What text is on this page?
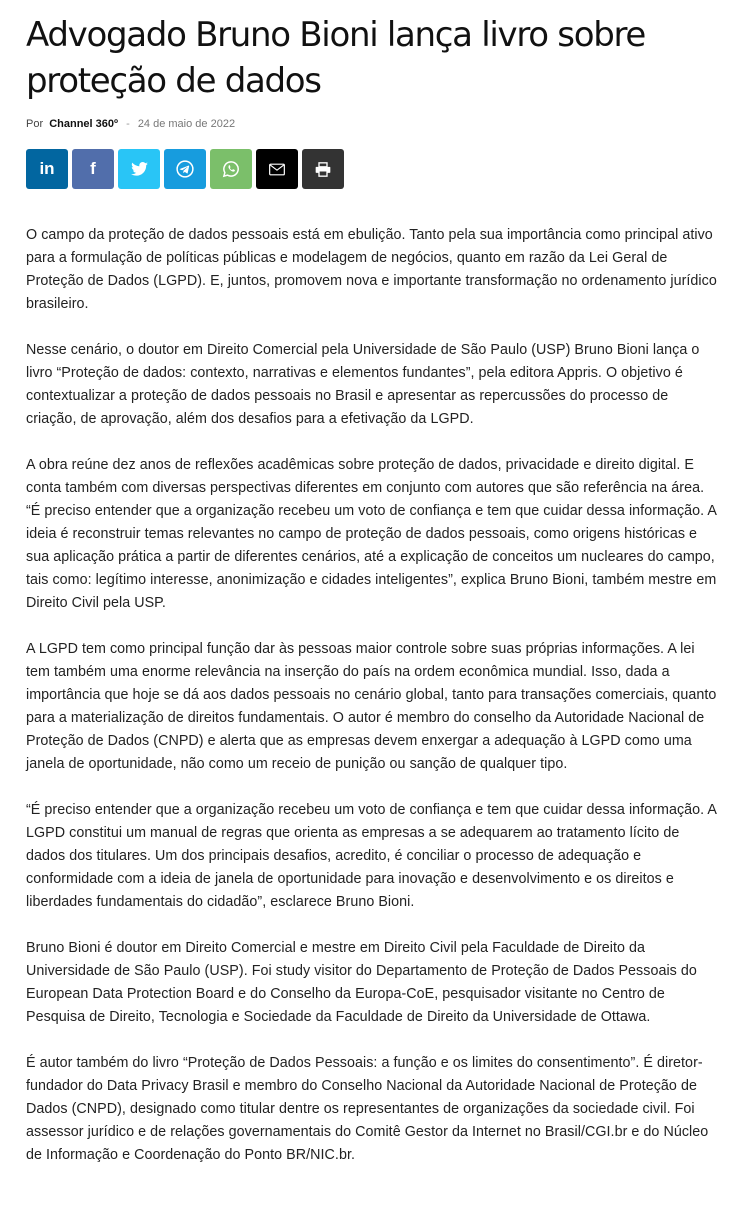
Advogado Bruno Bioni lança livro sobre proteção de dados
Por Channel 360º - 24 de maio de 2022
in f

O campo da proteção de dados pessoais está em ebulição. Tanto pela sua importância como principal ativo para a formulação de políticas públicas e modelagem de negócios, quanto em razão da Lei Geral de Proteção de Dados (LGPD). E, juntos, promovem nova e importante transformação no ordenamento jurídico brasileiro.

Nesse cenário, o doutor em Direito Comercial pela Universidade de São Paulo (USP) Bruno Bioni lança o livro “Proteção de dados: contexto, narrativas e elementos fundantes”, pela editora Appris. O objetivo é contextualizar a proteção de dados pessoais no Brasil e apresentar as repercussões do processo de criação, de aprovação, além dos desafios para a efetivação da LGPD.

A obra reúne dez anos de reflexões acadêmicas sobre proteção de dados, privacidade e direito digital. E conta também com diversas perspectivas diferentes em conjunto com autores que são referência na área. “É preciso entender que a organização recebeu um voto de confiança e tem que cuidar dessa informação. A ideia é reconstruir temas relevantes no campo de proteção de dados pessoais, como origens históricas e sua aplicação prática a partir de diferentes cenários, até a explicação de conceitos um nucleares do campo, tais como: legítimo interesse, anonimização e cidades inteligentes”, explica Bruno Bioni, também mestre em Direito Civil pela USP.

A LGPD tem como principal função dar às pessoas maior controle sobre suas próprias informações. A lei tem também uma enorme relevância na inserção do país na ordem econômica mundial. Isso, dada a importância que hoje se dá aos dados pessoais no cenário global, tanto para transações comerciais, quanto para a materialização de direitos fundamentais. O autor é membro do conselho da Autoridade Nacional de Proteção de Dados (CNPD) e alerta que as empresas devem enxergar a adequação à LGPD como uma janela de oportunidade, não como um receio de punição ou sanção de qualquer tipo.

“É preciso entender que a organização recebeu um voto de confiança e tem que cuidar dessa informação. A LGPD constitui um manual de regras que orienta as empresas a se adequarem ao tratamento lícito de dados dos titulares. Um dos principais desafios, acredito, é conciliar o processo de adequação e conformidade com a ideia de janela de oportunidade para inovação e desenvolvimento e os direitos e liberdades fundamentais do cidadão”, esclarece Bruno Bioni.

Bruno Bioni é doutor em Direito Comercial e mestre em Direito Civil pela Faculdade de Direito da Universidade de São Paulo (USP). Foi study visitor do Departamento de Proteção de Dados Pessoais do European Data Protection Board e do Conselho da Europa-CoE, pesquisador visitante no Centro de Pesquisa de Direito, Tecnologia e Sociedade da Faculdade de Direito da Universidade de Ottawa.

É autor também do livro “Proteção de Dados Pessoais: a função e os limites do consentimento”. É diretor-fundador do Data Privacy Brasil e membro do Conselho Nacional da Autoridade Nacional de Proteção de Dados (CNPD), designado como titular dentre os representantes de organizações da sociedade civil. Foi assessor jurídico e de relações governamentais do Comitê Gestor da Internet no Brasil/CGI.br e do Núcleo de Informação e Coordenação do Ponto BR/NIC.br.
